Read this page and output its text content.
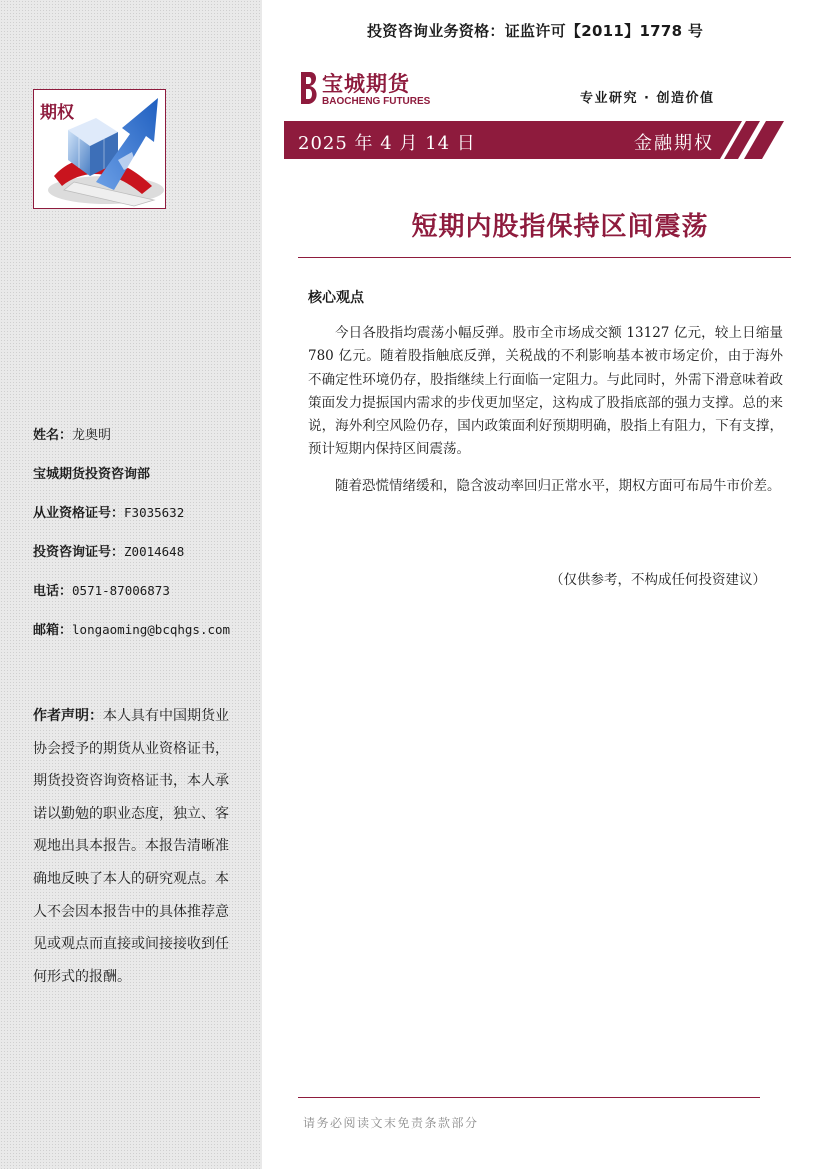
期权
姓名：龙奥明
宝城期货投资咨询部
从业资格证号：F3035632
投资咨询证号：Z0014648
电话：0571-87006873
邮箱：longaoming@bcqhgs.com
作者声明：本人具有中国期货业协会授予的期货从业资格证书，期货投资咨询资格证书，本人承诺以勤勉的职业态度，独立、客观地出具本报告。本报告清晰准确地反映了本人的研究观点。本人不会因本报告中的具体推荐意见或观点而直接或间接接收到任何形式的报酬。
投资咨询业务资格：证监许可【2011】1778 号
宝城期货
BAOCHENG FUTURES	专业研究 · 创造价值
2025 年 4 月 14 日	金融期权
短期内股指保持区间震荡
核心观点
今日各股指均震荡小幅反弹。股市全市场成交额 13127 亿元，较上日缩量 780 亿元。随着股指触底反弹，关税战的不利影响基本被市场定价，由于海外不确定性环境仍存，股指继续上行面临一定阻力。与此同时，外需下滑意味着政策面发力提振国内需求的步伐更加坚定，这构成了股指底部的强力支撑。总的来说，海外利空风险仍存，国内政策面利好预期明确，股指上有阻力，下有支撑，预计短期内保持区间震荡。
随着恐慌情绪缓和，隐含波动率回归正常水平，期权方面可布局牛市价差。
（仅供参考，不构成任何投资建议）
请务必阅读文末免责条款部分
